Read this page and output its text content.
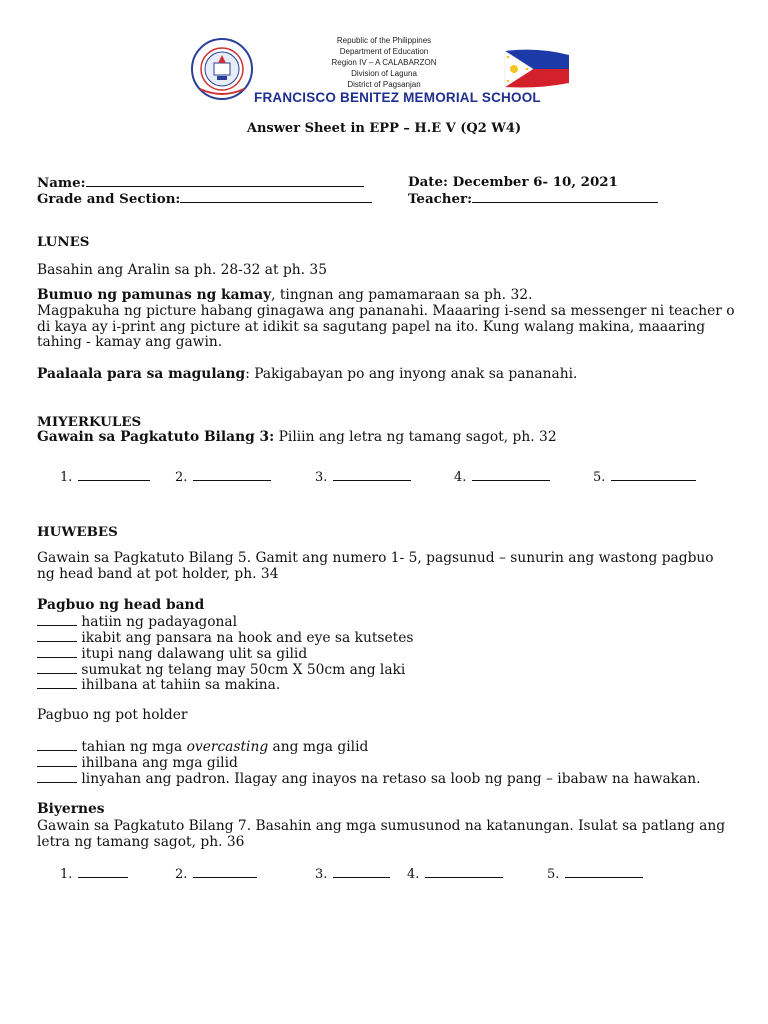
Republic of the Philippines
Department of Education
Region IV – A CALABARZON
Division of Laguna
District of Pagsanjan
FRANCISCO BENITEZ MEMORIAL SCHOOL
Answer Sheet in EPP – H.E V (Q2 W4)
Name:
Grade and Section:
Date: December 6- 10, 2021
Teacher:
LUNES
Basahin ang Aralin sa ph. 28-32 at ph. 35
Bumuo ng pamunas ng kamay, tingnan ang pamamaraan sa ph. 32.
Magpakuha ng picture habang ginagawa ang pananahi. Maaaring i-send sa messenger ni teacher o
di kaya ay i-print ang picture at idikit sa sagutang papel na ito. Kung walang makina, maaaring
tahing - kamay ang gawin.
Paalaala para sa magulang: Pakigabayan po ang inyong anak sa pananahi.
MIYERKULES
Gawain sa Pagkatuto Bilang 3: Piliin ang letra ng tamang sagot, ph. 32
1.	2.	3.	4.	5.
HUWEBES
Gawain sa Pagkatuto Bilang 5. Gamit ang numero 1- 5, pagsunud – sunurin ang wastong pagbuo
ng head band at pot holder, ph. 34
Pagbuo ng head band
hatiin ng padayagonal
ikabit ang pansara na hook and eye sa kutsetes
itupi nang dalawang ulit sa gilid
sumukat ng telang may 50cm X 50cm ang laki
ihilbana at tahiin sa makina.
Pagbuo ng pot holder
tahian ng mga overcasting ang mga gilid
ihilbana ang mga gilid
linyahan ang padron. Ilagay ang inayos na retaso sa loob ng pang – ibabaw na hawakan.
Biyernes
Gawain sa Pagkatuto Bilang 7. Basahin ang mga sumusunod na katanungan. Isulat sa patlang ang
letra ng tamang sagot, ph. 36
1.	2.	3.	4.	5.
